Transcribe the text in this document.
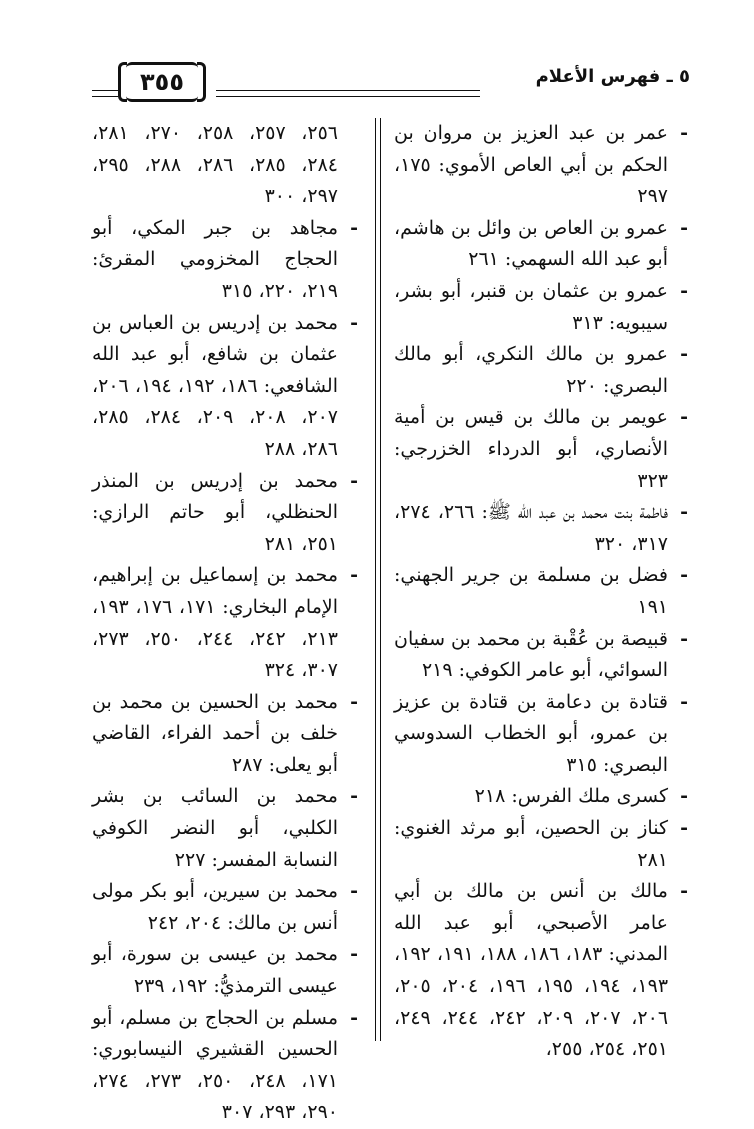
٥ ـ فهرس الأعلام
٣٥٥

- عمر بن عبد العزيز بن مروان بن الحكم بن أبي العاص الأموي: ١٧٥، ٢٩٧

- عمرو بن العاص بن وائل بن هاشم، أبو عبد الله السهمي: ٢٦١

- عمرو بن عثمان بن قنبر، أبو بشر، سيبويه: ٣١٣

- عمرو بن مالك النكري، أبو مالك البصري: ٢٢٠

- عويمر بن مالك بن قيس بن أمية الأنصاري، أبو الدرداء الخزرجي: ٣٢٣

- فاطمة بنت محمد بن عبد الله ﷺ: ٢٦٦، ٢٧٤، ٣١٧، ٣٢٠

- فضل بن مسلمة بن جرير الجهني: ١٩١

- قبيصة بن عُقْبة بن محمد بن سفيان السوائي، أبو عامر الكوفي: ٢١٩

- قتادة بن دعامة بن قتادة بن عزيز بن عمرو، أبو الخطاب السدوسي البصري: ٣١٥

- كسرى ملك الفرس: ٢١٨

- كناز بن الحصين، أبو مرثد الغنوي: ٢٨١

- مالك بن أنس بن مالك بن أبي عامر الأصبحي، أبو عبد الله المدني: ١٨٣، ١٨٦، ١٨٨، ١٩١، ١٩٢، ١٩٣، ١٩٤، ١٩٥، ١٩٦، ٢٠٤، ٢٠٥، ٢٠٦، ٢٠٧، ٢٠٩، ٢٤٢، ٢٤٤، ٢٤٩، ٢٥١، ٢٥٤، ٢٥٥،

٢٥٦، ٢٥٧، ٢٥٨، ٢٧٠، ٢٨١، ٢٨٤، ٢٨٥، ٢٨٦، ٢٨٨، ٢٩٥، ٢٩٧، ٣٠٠

- مجاهد بن جبر المكي، أبو الحجاج المخزومي المقرئ: ٢١٩، ٢٢٠، ٣١٥

- محمد بن إدريس بن العباس بن عثمان بن شافع، أبو عبد الله الشافعي: ١٨٦، ١٩٢، ١٩٤، ٢٠٦، ٢٠٧، ٢٠٨، ٢٠٩، ٢٨٤، ٢٨٥، ٢٨٦، ٢٨٨

- محمد بن إدريس بن المنذر الحنظلي، أبو حاتم الرازي: ٢٥١، ٢٨١

- محمد بن إسماعيل بن إبراهيم، الإمام البخاري: ١٧١، ١٧٦، ١٩٣، ٢١٣، ٢٤٢، ٢٤٤، ٢٥٠، ٢٧٣، ٣٠٧، ٣٢٤

- محمد بن الحسين بن محمد بن خلف بن أحمد الفراء، القاضي أبو يعلى: ٢٨٧

- محمد بن السائب بن بشر الكلبي، أبو النضر الكوفي النسابة المفسر: ٢٢٧

- محمد بن سيرين، أبو بكر مولى أنس بن مالك: ٢٠٤، ٢٤٢

- محمد بن عيسى بن سورة، أبو عيسى الترمذيُّ: ١٩٢، ٢٣٩

- مسلم بن الحجاج بن مسلم، أبو الحسين القشيري النيسابوري: ١٧١، ٢٤٨، ٢٥٠، ٢٧٣، ٢٧٤، ٢٩٠، ٢٩٣، ٣٠٧
